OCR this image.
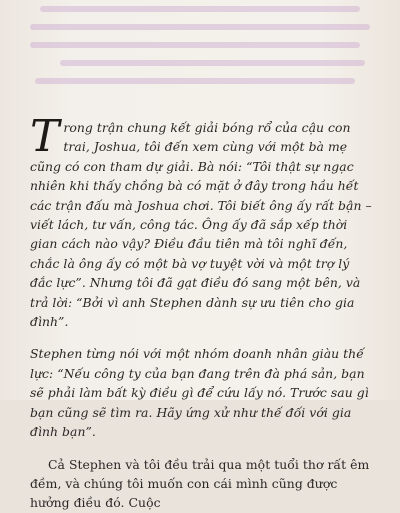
Trong trận chung kết giải bóng rổ của cậu con trai, Joshua, tôi đến xem cùng với một bà mẹ cũng có con tham dự giải. Bà nói: “Tôi thật sự ngạc nhiên khi thấy chồng bà có mặt ở đây trong hầu hết các trận đấu mà Joshua chơi. Tôi biết ông ấy rất bận – viết lách, tư vấn, công tác. Ông ấy đã sắp xếp thời gian cách nào vậy? Điều đầu tiên mà tôi nghĩ đến, chắc là ông ấy có một bà vợ tuyệt vời và một trợ lý đắc lực”. Nhưng tôi đã gạt điều đó sang một bên, và trả lời: “Bởi vì anh Stephen dành sự ưu tiên cho gia đình”.

Stephen từng nói với một nhóm doanh nhân giàu thế lực: “Nếu công ty của bạn đang trên đà phá sản, bạn sẽ phải làm bất kỳ điều gì để cứu lấy nó. Trước sau gì bạn cũng sẽ tìm ra. Hãy ứng xử như thế đối với gia đình bạn”.

Cả Stephen và tôi đều trải qua một tuổi thơ rất êm đềm, và chúng tôi muốn con cái mình cũng được hưởng điều đó. Cuộc
